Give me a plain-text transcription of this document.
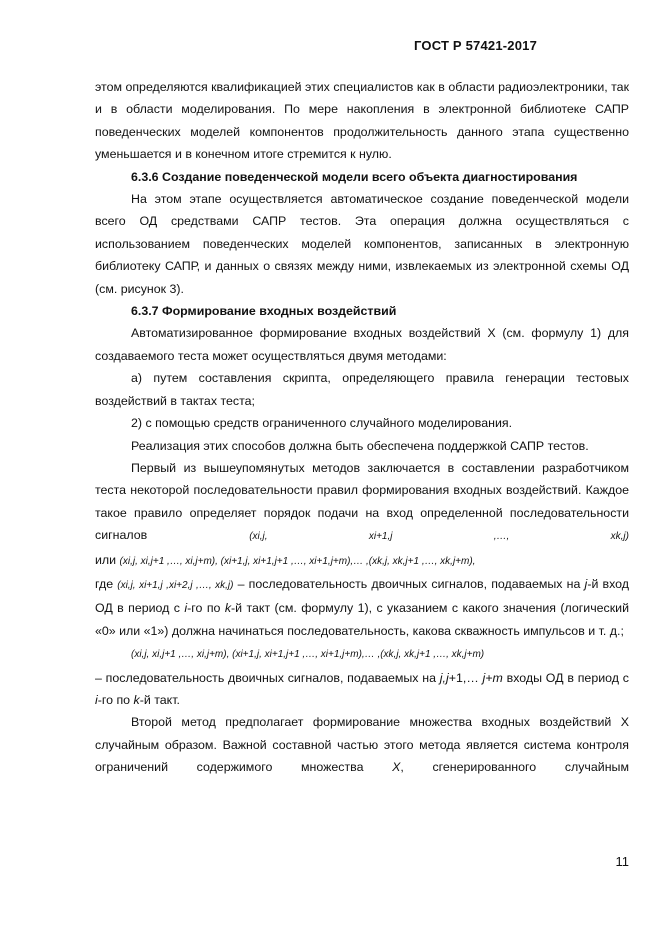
ГОСТ Р 57421-2017

этом определяются квалификацией этих специалистов как в области радиоэлектроники, так и в области моделирования. По мере накопления в электронной библиотеке САПР поведенческих моделей компонентов продолжительность данного этапа существенно уменьшается и в конечном итоге стремится к нулю.

6.3.6 Создание поведенческой модели всего объекта диагностирования

На этом этапе осуществляется автоматическое создание поведенческой модели всего ОД средствами САПР тестов. Эта операция должна осуществляться с использованием поведенческих моделей компонентов, записанных в электронную библиотеку САПР, и данных о связях между ними, извлекаемых из электронной схемы ОД (см. рисунок 3).

6.3.7 Формирование входных воздействий

Автоматизированное формирование входных воздействий X (см. формулу 1) для создаваемого теста может осуществляться двумя методами:

а) путем составления скрипта, определяющего правила генерации тестовых воздействий в тактах теста;

2) с помощью средств ограниченного случайного моделирования.

Реализация этих способов должна быть обеспечена поддержкой САПР тестов.

Первый из вышеупомянутых методов заключается в составлении разработчиком теста некоторой последовательности правил формирования входных воздействий. Каждое такое правило определяет порядок подачи на вход определенной последовательности сигналов	(xi,j, xi+1,j ,…, xk,j)

или (xi,j, xi,j+1 ,…, xi,j+m), (xi+1,j, xi+1,j+1 ,…, xi+1,j+m),… ,(xk,j, xk,j+1 ,…, xk,j+m),

где (xi,j, xi+1,j ,xi+2,j ,…, xk,j) – последовательность двоичных сигналов, подаваемых на j-й вход ОД в период с i-го по k-й такт (см. формулу 1), с указанием с какого значения (логический «0» или «1») должна начинаться последовательность, какова скважность импульсов и т. д.;

(xi,j, xi,j+1 ,…, xi,j+m), (xi+1,j, xi+1,j+1 ,…, xi+1,j+m),… ,(xk,j, xk,j+1 ,…, xk,j+m)

– последовательность двоичных сигналов, подаваемых на j,j+1,… j+m входы ОД в период с i-го по k-й такт.

Второй метод предполагает формирование множества входных воздействий X случайным образом. Важной составной частью этого метода является система контроля ограничений содержимого множества X, сгенерированного случайным

11
